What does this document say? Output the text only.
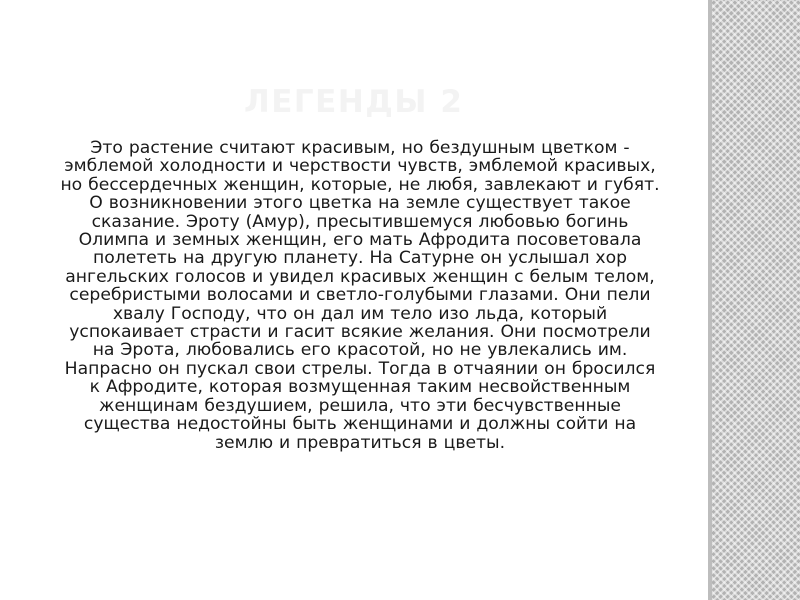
ЛЕГЕНДЫ 2

Это растение считают красивым, но бездушным цветком - эмблемой холодности и черствости чувств, эмблемой красивых, но бессердечных женщин, которые, не любя, завлекают и губят. О возникновении этого цветка на земле существует такое сказание. Эроту (Амур), пресытившемуся любовью богинь Олимпа и земных женщин, его мать Афродита посоветовала полететь на другую планету. На Сатурне он услышал хор ангельских голосов и увидел красивых женщин с белым телом, серебристыми волосами и светло-голубыми глазами. Они пели хвалу Господу, что он дал им тело изо льда, который успокаивает страсти и гасит всякие желания. Они посмотрели на Эрота, любовались его красотой, но не увлекались им. Напрасно он пускал свои стрелы. Тогда в отчаянии он бросился к Афродите, которая возмущенная таким несвойственным женщинам бездушием, решила, что эти бесчувственные существа недостойны быть женщинами и должны сойти на землю и превратиться в цветы.
